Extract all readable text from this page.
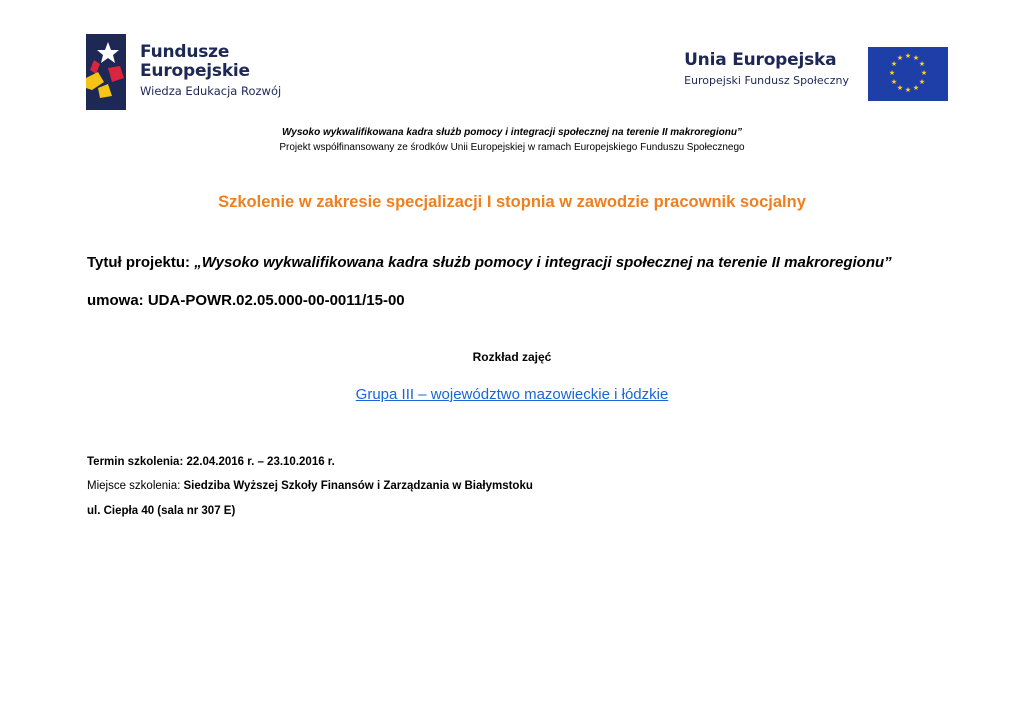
Fundusze
Europejskie
Wiedza Edukacja Rozwój
Unia Europejska
Europejski Fundusz Społeczny
★ ★
★
★
★
★
★
★
★
★
★
★
Wysoko wykwalifikowana kadra służb pomocy i integracji społecznej na terenie II makroregionu”
Projekt współfinansowany ze środków Unii Europejskiej w ramach Europejskiego Funduszu Społecznego
Szkolenie w zakresie specjalizacji I stopnia w zawodzie pracownik socjalny
Tytuł projektu: „Wysoko wykwalifikowana kadra służb pomocy i integracji społecznej na terenie II makroregionu”
umowa: UDA-POWR.02.05.000-00-0011/15-00
Rozkład zajęć
Grupa III – województwo mazowieckie i łódzkie
Termin szkolenia: 22.04.2016 r. – 23.10.2016 r.
Miejsce szkolenia: Siedziba Wyższej Szkoły Finansów i Zarządzania w Białymstoku
ul. Ciepła 40 (sala nr 307 E)
